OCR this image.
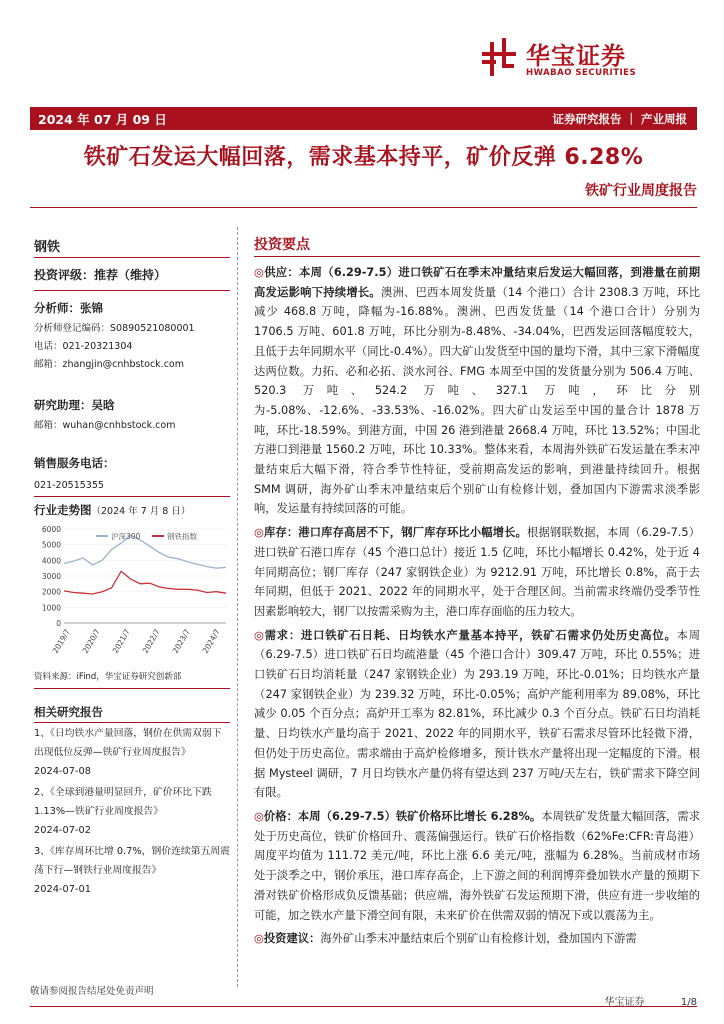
华宝证券
HWABAO SECURITIES
2024 年 07 月 09 日	证券研究报告 ｜ 产业周报
铁矿石发运大幅回落，需求基本持平，矿价反弹 6.28%
铁矿行业周度报告
钢铁
投资评级：推荐（维持）
分析师：张锦
分析师登记编码：S0890521080001
电话：021-20321304
邮箱：zhangjin@cnhbstock.com
研究助理：吴晗
邮箱：wuhan@cnhbstock.com
销售服务电话：
021-20515355
行业走势图（2024 年 7 月 8 日）
0
1000
2000
3000
4000
5000
6000
2019/7 2020/7 2021/7 2022/7 2023/7 2024/7
沪深300	钢铁指数
资料来源：iFind，华宝证券研究创新部
相关研究报告
1、《日均铁水产量回落，钢价在供需双弱下出现低位反弹—铁矿行业周度报告》
2024-07-08
2、《全球到港量明显回升，矿价环比下跌 1.13%—铁矿行业周度报告》
2024-07-02
3、《库存周环比增 0.7%，钢价连续第五周震荡下行—钢铁行业周度报告》
2024-07-01
投资要点

◎供应：本周（6.29-7.5）进口铁矿石在季末冲量结束后发运大幅回落，到港量在前期高发运影响下持续增长。澳洲、巴西本周发货量（14 个港口）合计 2308.3 万吨，环比减少 468.8 万吨，降幅为-16.88%。澳洲、巴西发货量（14 个港口合计）分别为 1706.5 万吨、601.8 万吨，环比分别为-8.48%、-34.04%，巴西发运回落幅度较大，且低于去年同期水平（同比-0.4%）。四大矿山发货至中国的量均下滑，其中三家下滑幅度达两位数。力拓、必和必拓、淡水河谷、FMG 本周至中国的发货量分别为 506.4 万吨、520.3 万吨、524.2 万吨、327.1 万吨，环比分别为-5.08%、-12.6%、-33.53%、-16.02%。四大矿山发运至中国的量合计 1878 万吨，环比-18.59%。到港方面，中国 26 港到港量 2668.4 万吨，环比 13.52%；中国北方港口到港量 1560.2 万吨，环比 10.33%。整体来看，本周海外铁矿石发运量在季末冲量结束后大幅下滑，符合季节性特征，受前期高发运的影响，到港量持续回升。根据 SMM 调研，海外矿山季末冲量结束后个别矿山有检修计划，叠加国内下游需求淡季影响，发运量有持续回落的可能。

◎库存：港口库存高居不下，钢厂库存环比小幅增长。根据钢联数据，本周（6.29-7.5）进口铁矿石港口库存（45 个港口总计）接近 1.5 亿吨，环比小幅增长 0.42%，处于近 4 年同期高位；钢厂库存（247 家钢铁企业）为 9212.91 万吨，环比增长 0.8%，高于去年同期，但低于 2021、2022 年的同期水平，处于合理区间。当前需求终端仍受季节性因素影响较大，钢厂以按需采购为主，港口库存面临的压力较大。

◎需求：进口铁矿石日耗、日均铁水产量基本持平，铁矿石需求仍处历史高位。本周（6.29-7.5）进口铁矿石日均疏港量（45 个港口合计）309.47 万吨，环比 0.55%；进口铁矿石日均消耗量（247 家钢铁企业）为 293.19 万吨，环比-0.01%；日均铁水产量（247 家钢铁企业）为 239.32 万吨，环比-0.05%；高炉产能利用率为 89.08%，环比减少 0.05 个百分点；高炉开工率为 82.81%，环比减少 0.3 个百分点。铁矿石日均消耗量、日均铁水产量均高于 2021、2022 年的同期水平，铁矿石需求尽管环比轻微下滑，但仍处于历史高位。需求端由于高炉检修增多，预计铁水产量将出现一定幅度的下滑。根据 Mysteel 调研，7 月日均铁水产量仍将有望达到 237 万吨/天左右，铁矿需求下降空间有限。

◎价格：本周（6.29-7.5）铁矿价格环比增长 6.28%。本周铁矿发货量大幅回落，需求处于历史高位，铁矿价格回升、震荡偏强运行。铁矿石价格指数（62%Fe:CFR:青岛港）周度平均值为 111.72 美元/吨，环比上涨 6.6 美元/吨，涨幅为 6.28%。当前成材市场处于淡季之中，钢价承压，港口库存高企，上下游之间的利润博弈叠加铁水产量的预期下滑对铁矿价格形成负反馈基础；供应端，海外铁矿石发运预期下滑，供应有进一步收缩的可能，加之铁水产量下滑空间有限，未来矿价在供需双弱的情况下或以震荡为主。

◎投资建议：海外矿山季末冲量结束后个别矿山有检修计划，叠加国内下游需

敬请参阅报告结尾处免责声明
华宝证券	1/8
